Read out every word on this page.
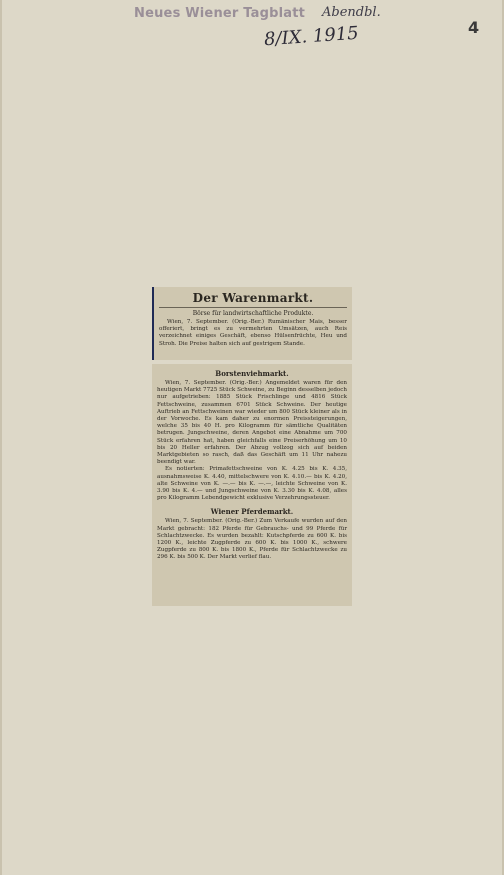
Neues Wiener Tagblatt Abendbl.
8/IX. 1915	4
Der Warenmarkt.
Börse für landwirtschaftliche Produkte.

Wien, 7. September. (Orig.-Ber.) Rumänischer Mais, besser offeriert, bringt es zu vermehrten Umsätzen, auch Reis verzeichnet einiges Geschäft, ebenso Hülsenfrüchte, Heu und Stroh. Die Preise halten sich auf gestrigem Stande.

Borstenviehmarkt.

Wien, 7. September. (Orig.-Ber.) Angemeldet waren für den heutigen Markt 7725 Stück Schweine, zu Beginn desselben jedoch nur aufgetrieben: 1885 Stück Frischlinge und 4816 Stück Fettschweine, zusammen 6701 Stück Schweine. Der heutige Auftrieb an Fettschweinen war wieder um 800 Stück kleiner als in der Vorwoche. Es kam daher zu enormen Preissteigerungen, welche 35 bis 40 H. pro Kilogramm für sämtliche Qualitäten betrugen. Jungschweine, deren Angebot eine Abnahme um 700 Stück erfahren hat, haben gleichfalls eine Preiserhöhung um 10 bis 20 Heller erfahren. Der Abzug vollzog sich auf beiden Marktgebieten so rasch, daß das Geschäft um 11 Uhr nahezu beendigt war.

Es notierten: Primafettschweine von K. 4.25 bis K. 4.35, ausnahmsweise K. 4.40, mittelschwere von K. 4.10.— bis K. 4.20, alte Schweine von K. —.— bis K. —.—, leichte Schweine von K. 3.90 bis K. 4.— und Jungschweine von K. 3.30 bis K. 4.08, alles pro Kilogramm Lebendgewicht exklusive Verzehrungssteuer.

Wiener Pferdemarkt.

Wien, 7. September. (Orig.-Ber.) Zum Verkaufe wurden auf den Markt gebracht: 182 Pferde für Gebrauchs- und 99 Pferde für Schlachtzwecke. Es wurden bezahlt: Kutschpferde zu 600 K. bis 1200 K., leichte Zugpferde zu 600 K. bis 1000 K., schwere Zugpferde zu 800 K. bis 1800 K., Pferde für Schlachtzwecke zu 296 K. bis 500 K. Der Markt verlief flau.
